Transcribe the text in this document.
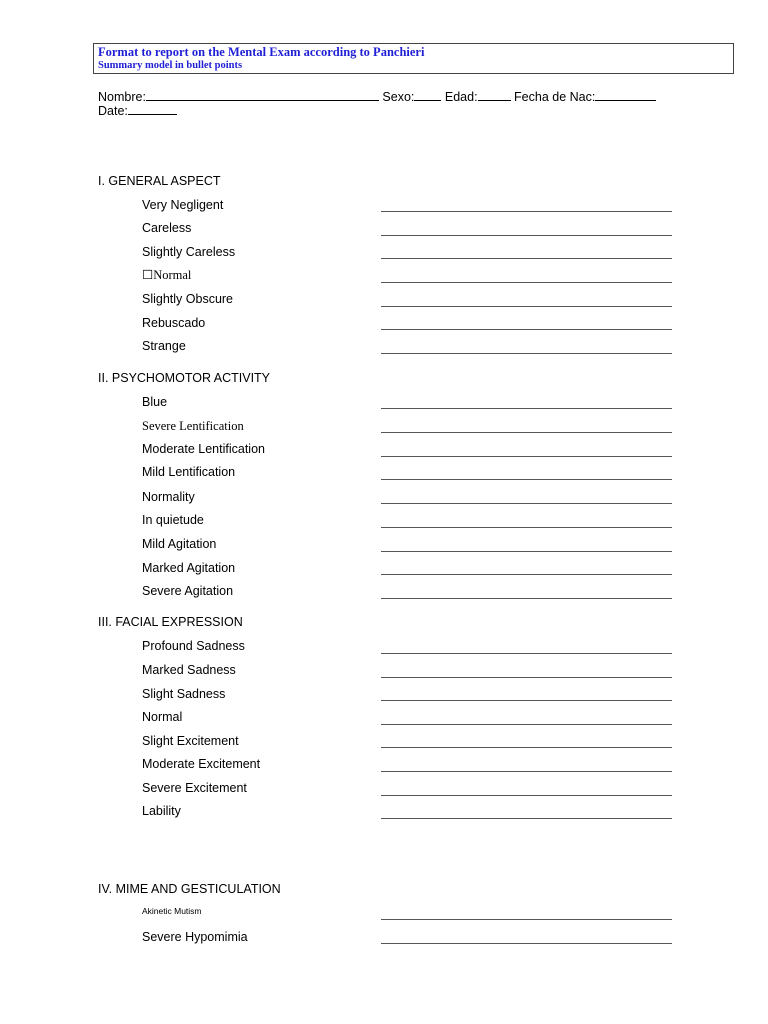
Format to report on the Mental Exam according to Panchieri
Summary model in bullet points
Nombre:	Sexo: Edad:	Fecha de Nac:
Date:
I. GENERAL ASPECT
Very Negligent
Careless
Slightly Careless
☐Normal
Slightly Obscure
Rebuscado
Strange
II. PSYCHOMOTOR ACTIVITY
Blue
Severe Lentification
Moderate Lentification
Mild Lentification
Normality
In quietude
Mild Agitation
Marked Agitation
Severe Agitation
III. FACIAL EXPRESSION
Profound Sadness
Marked Sadness
Slight Sadness
Normal
Slight Excitement
Moderate Excitement
Severe Excitement
Lability
IV. MIME AND GESTICULATION
Akinetic Mutism
Severe Hypomimia
